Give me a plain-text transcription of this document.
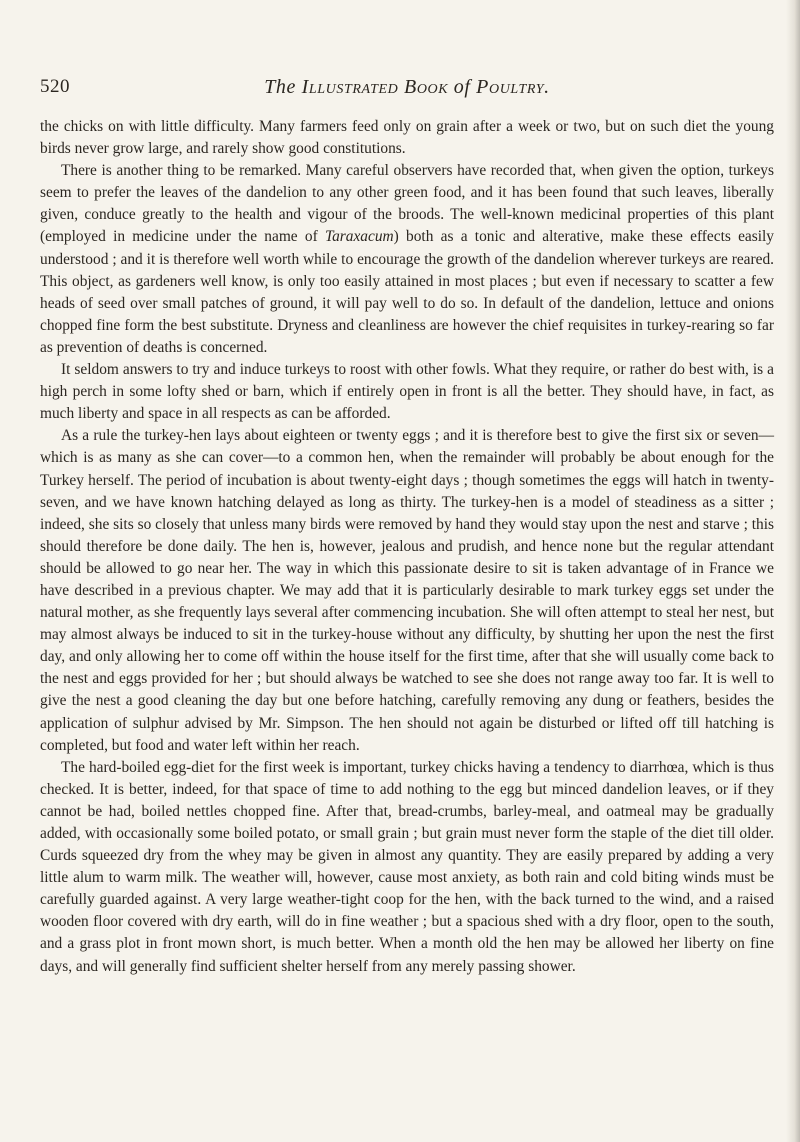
520	The Illustrated Book of Poultry.

the chicks on with little difficulty. Many farmers feed only on grain after a week or two, but on such diet the young birds never grow large, and rarely show good constitutions.

There is another thing to be remarked. Many careful observers have recorded that, when given the option, turkeys seem to prefer the leaves of the dandelion to any other green food, and it has been found that such leaves, liberally given, conduce greatly to the health and vigour of the broods. The well-known medicinal properties of this plant (employed in medicine under the name of Taraxacum) both as a tonic and alterative, make these effects easily understood ; and it is therefore well worth while to encourage the growth of the dandelion wherever turkeys are reared. This object, as gardeners well know, is only too easily attained in most places ; but even if necessary to scatter a few heads of seed over small patches of ground, it will pay well to do so. In default of the dandelion, lettuce and onions chopped fine form the best substitute. Dryness and cleanliness are however the chief requisites in turkey-rearing so far as prevention of deaths is concerned.

It seldom answers to try and induce turkeys to roost with other fowls. What they require, or rather do best with, is a high perch in some lofty shed or barn, which if entirely open in front is all the better. They should have, in fact, as much liberty and space in all respects as can be afforded.

As a rule the turkey-hen lays about eighteen or twenty eggs ; and it is therefore best to give the first six or seven—which is as many as she can cover—to a common hen, when the remainder will probably be about enough for the Turkey herself. The period of incubation is about twenty-eight days ; though sometimes the eggs will hatch in twenty-seven, and we have known hatching delayed as long as thirty. The turkey-hen is a model of steadiness as a sitter ; indeed, she sits so closely that unless many birds were removed by hand they would stay upon the nest and starve ; this should therefore be done daily. The hen is, however, jealous and prudish, and hence none but the regular attendant should be allowed to go near her. The way in which this passionate desire to sit is taken advantage of in France we have described in a previous chapter. We may add that it is particularly desirable to mark turkey eggs set under the natural mother, as she frequently lays several after commencing incubation. She will often attempt to steal her nest, but may almost always be induced to sit in the turkey-house without any difficulty, by shutting her upon the nest the first day, and only allowing her to come off within the house itself for the first time, after that she will usually come back to the nest and eggs provided for her ; but should always be watched to see she does not range away too far. It is well to give the nest a good cleaning the day but one before hatching, carefully removing any dung or feathers, besides the application of sulphur advised by Mr. Simpson. The hen should not again be disturbed or lifted off till hatching is completed, but food and water left within her reach.

The hard-boiled egg-diet for the first week is important, turkey chicks having a tendency to diarrhœa, which is thus checked. It is better, indeed, for that space of time to add nothing to the egg but minced dandelion leaves, or if they cannot be had, boiled nettles chopped fine. After that, bread-crumbs, barley-meal, and oatmeal may be gradually added, with occasionally some boiled potato, or small grain ; but grain must never form the staple of the diet till older. Curds squeezed dry from the whey may be given in almost any quantity. They are easily prepared by adding a very little alum to warm milk. The weather will, however, cause most anxiety, as both rain and cold biting winds must be carefully guarded against. A very large weather-tight coop for the hen, with the back turned to the wind, and a raised wooden floor covered with dry earth, will do in fine weather ; but a spacious shed with a dry floor, open to the south, and a grass plot in front mown short, is much better. When a month old the hen may be allowed her liberty on fine days, and will generally find sufficient shelter herself from any merely passing shower.
